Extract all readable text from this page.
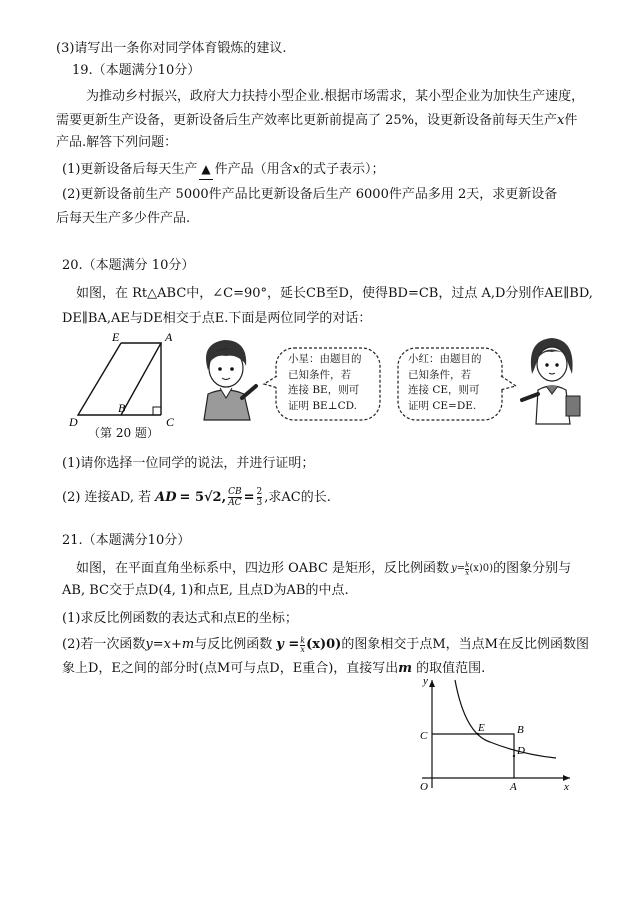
(3)请写出一条你对同学体育锻炼的建议.
19.（本题满分10分）
为推动乡村振兴，政府大力扶持小型企业.根据市场需求，某小型企业为加快生产速度，
需要更新生产设备，更新设备后生产效率比更新前提高了 25%，设更新设备前每天生产x件
产品.解答下列问题：
(1)更新设备后每天生产 ▲ 件产品（用含x的式子表示）；
(2)更新设备前生产 5000件产品比更新设备后生产 6000件产品多用 2天，求更新设备
后每天生产多少件产品.
20.（本题满分 10分）
如图，在 Rt△ABC中，∠C=90°，延长CB至D，使得BD=CB，过点 A,D分别作AE∥BD,
DE∥BA,AE与DE相交于点E.下面是两位同学的对话：
E	A
D
B
C
（第 20 题）
小星：由题目的
已知条件，若
连接 BE，则可
证明 BE⊥CD.
小红：由题目的
已知条件，若
连接 CE，则可
证明 CE=DE.
(1)请你选择一位同学的说法，并进行证明；
(2) 连接AD, 若 AD = 5√2, $\frac{CB}{AC} = \frac{2}{3}$ ,求AC的长.
21.（本题满分10分）
如图，在平面直角坐标系中，四边形 OABC 是矩形，反比例函数 $y= \frac{k}{x} (x)0$) 的图象分别与
AB, BC交于点D(4, 1)和点E, 且点D为AB的中点.
(1)求反比例函数的表达式和点E的坐标；
(2)若一次函数 y=x+m 与反比例函数 $y = \frac{k}{x} (x)0$) 的图象相交于点M，当点M在反比例函数图
象上D，E之间的部分时(点M可与点D，E重合)，直接写出m 的取值范围.
y
x
O
C
E	B
D
A
